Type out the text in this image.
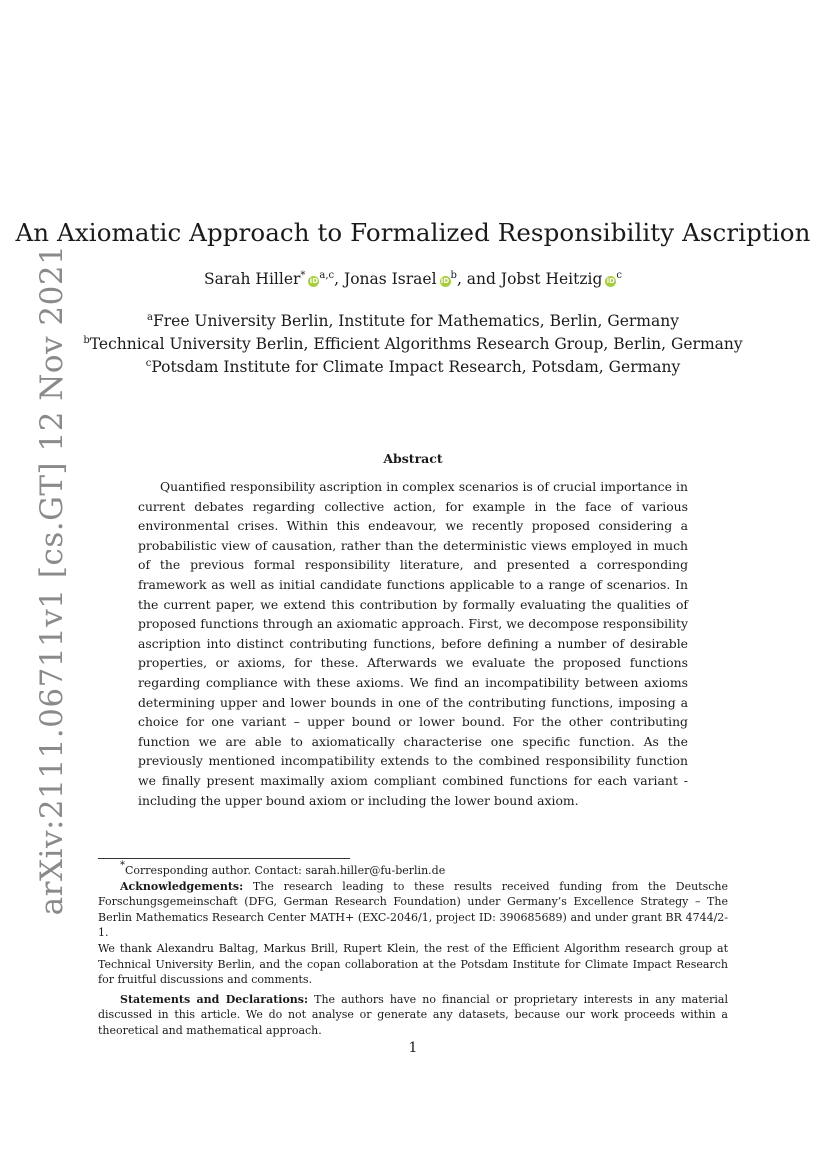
arXiv:2111.06711v1 [cs.GT] 12 Nov 2021
An Axiomatic Approach to Formalized Responsibility Ascription
Sarah Hiller* iD$^{a,c}$, Jonas Israel $iD^b$, and Jobst Heitzig $iD^c$
$^a$Free University Berlin, Institute for Mathematics, Berlin, Germany
$^b$Technical University Berlin, Efficient Algorithms Research Group, Berlin, Germany
$^c$Potsdam Institute for Climate Impact Research, Potsdam, Germany
Abstract

Quantified responsibility ascription in complex scenarios is of crucial importance in current debates regarding collective action, for example in the face of various environmental crises. Within this endeavour, we recently proposed considering a probabilistic view of causation, rather than the deterministic views employed in much of the previous formal responsibility literature, and presented a corresponding framework as well as initial candidate functions applicable to a range of scenarios. In the current paper, we extend this contribution by formally evaluating the qualities of proposed functions through an axiomatic approach. First, we decompose responsibility ascription into distinct contributing functions, before defining a number of desirable properties, or axioms, for these. Afterwards we evaluate the proposed functions regarding compliance with these axioms. We find an incompatibility between axioms determining upper and lower bounds in one of the contributing functions, imposing a choice for one variant – upper bound or lower bound. For the other contributing function we are able to axiomatically characterise one specific function. As the previously mentioned incompatibility extends to the combined responsibility function we finally present maximally axiom compliant combined functions for each variant - including the upper bound axiom or including the lower bound axiom.

*Corresponding author. Contact: sarah.hiller@fu-berlin.de

Acknowledgements: The research leading to these results received funding from the Deutsche Forschungsgemeinschaft (DFG, German Research Foundation) under Germany’s Excellence Strategy – The Berlin Mathematics Research Center MATH+ (EXC-2046/1, project ID: 390685689) and under grant BR 4744/2-1.

We thank Alexandru Baltag, Markus Brill, Rupert Klein, the rest of the Efficient Algorithm research group at Technical University Berlin, and the copan collaboration at the Potsdam Institute for Climate Impact Research for fruitful discussions and comments.

Statements and Declarations: The authors have no financial or proprietary interests in any material discussed in this article. We do not analyse or generate any datasets, because our work proceeds within a theoretical and mathematical approach.

1
